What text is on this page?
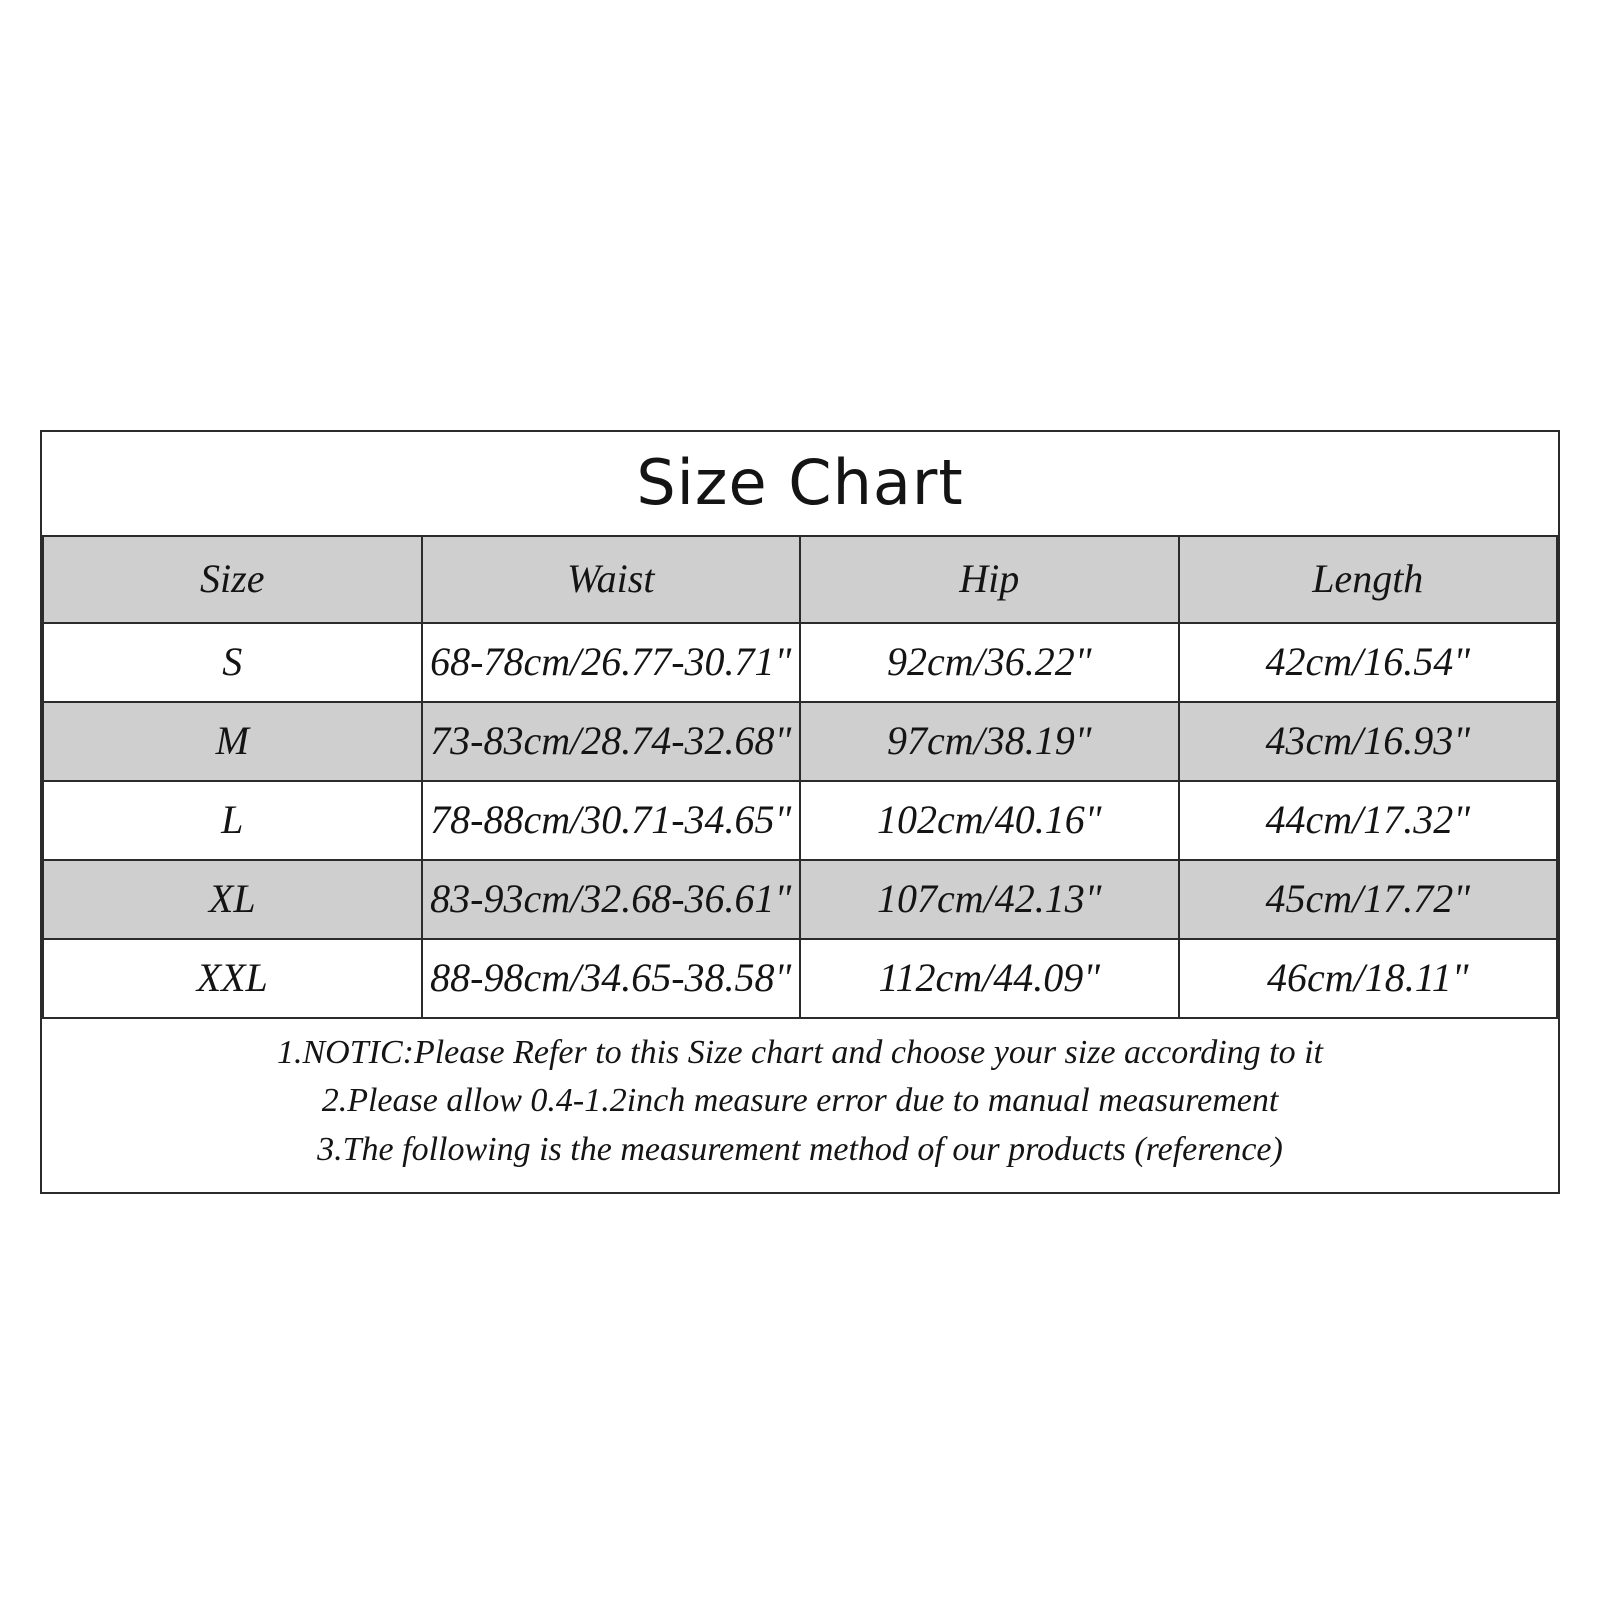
Size Chart			
Size	Waist	Hip	Length
S	68-78cm/26.77-30.71"	92cm/36.22"	42cm/16.54"
M	73-83cm/28.74-32.68"	97cm/38.19"	43cm/16.93"
L	78-88cm/30.71-34.65"	102cm/40.16"	44cm/17.32"
XL	83-93cm/32.68-36.61"	107cm/42.13"	45cm/17.72"
XXL	88-98cm/34.65-38.58"	112cm/44.09"	46cm/18.11"

1.NOTIC:Please Refer to this Size chart and choose your size according to it
2.Please allow 0.4-1.2inch measure error due to manual measurement
3.The following is the measurement method of our products (reference)			
